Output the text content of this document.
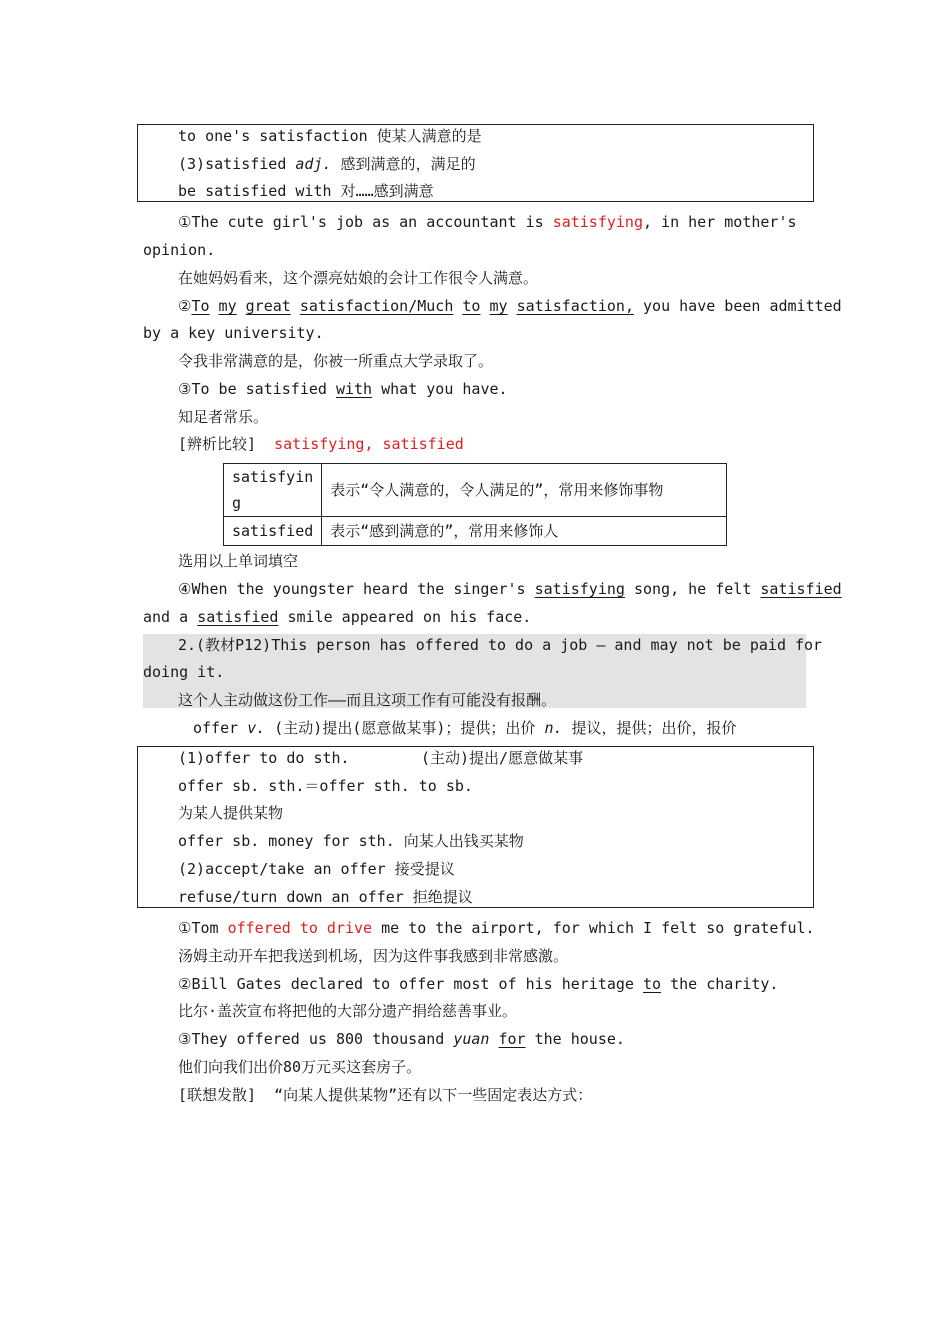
to one's satisfaction 使某人满意的是
(3)satisfied adj. 感到满意的，满足的
be satisfied with 对……感到满意
①The cute girl's job as an accountant is satisfying, in her mother's
opinion.
在她妈妈看来，这个漂亮姑娘的会计工作很令人满意。
②To my great satisfaction/Much to my satisfaction, you have been admitted
by a key university.
令我非常满意的是，你被一所重点大学录取了。
③To be satisfied with what you have.
知足者常乐。
[辨析比较] satisfying, satisfied
satisfyin
g	表示“令人满意的，令人满足的”，常用来修饰事物
satisfied	表示“感到满意的”，常用来修饰人
选用以上单词填空
④When the youngster heard the singer's satisfying song, he felt satisfied
and a satisfied smile appeared on his face.
2.(教材P12)This person has offered to do a job — and may not be paid for
doing it.
这个人主动做这份工作——而且这项工作有可能没有报酬。
offer v. (主动)提出(愿意做某事)；提供；出价 n. 提议，提供；出价，报价
(1)offer to do sth.	(主动)提出/愿意做某事
offer sb. sth.＝offer sth. to sb.
为某人提供某物
offer sb. money for sth. 向某人出钱买某物
(2)accept/take an offer 接受提议
refuse/turn down an offer 拒绝提议
①Tom offered to drive me to the airport, for which I felt so grateful.
汤姆主动开车把我送到机场，因为这件事我感到非常感激。
②Bill Gates declared to offer most of his heritage to the charity.
比尔·盖茨宣布将把他的大部分遗产捐给慈善事业。
③They offered us 800 thousand yuan for the house.
他们向我们出价80万元买这套房子。
[联想发散] “向某人提供某物”还有以下一些固定表达方式：
